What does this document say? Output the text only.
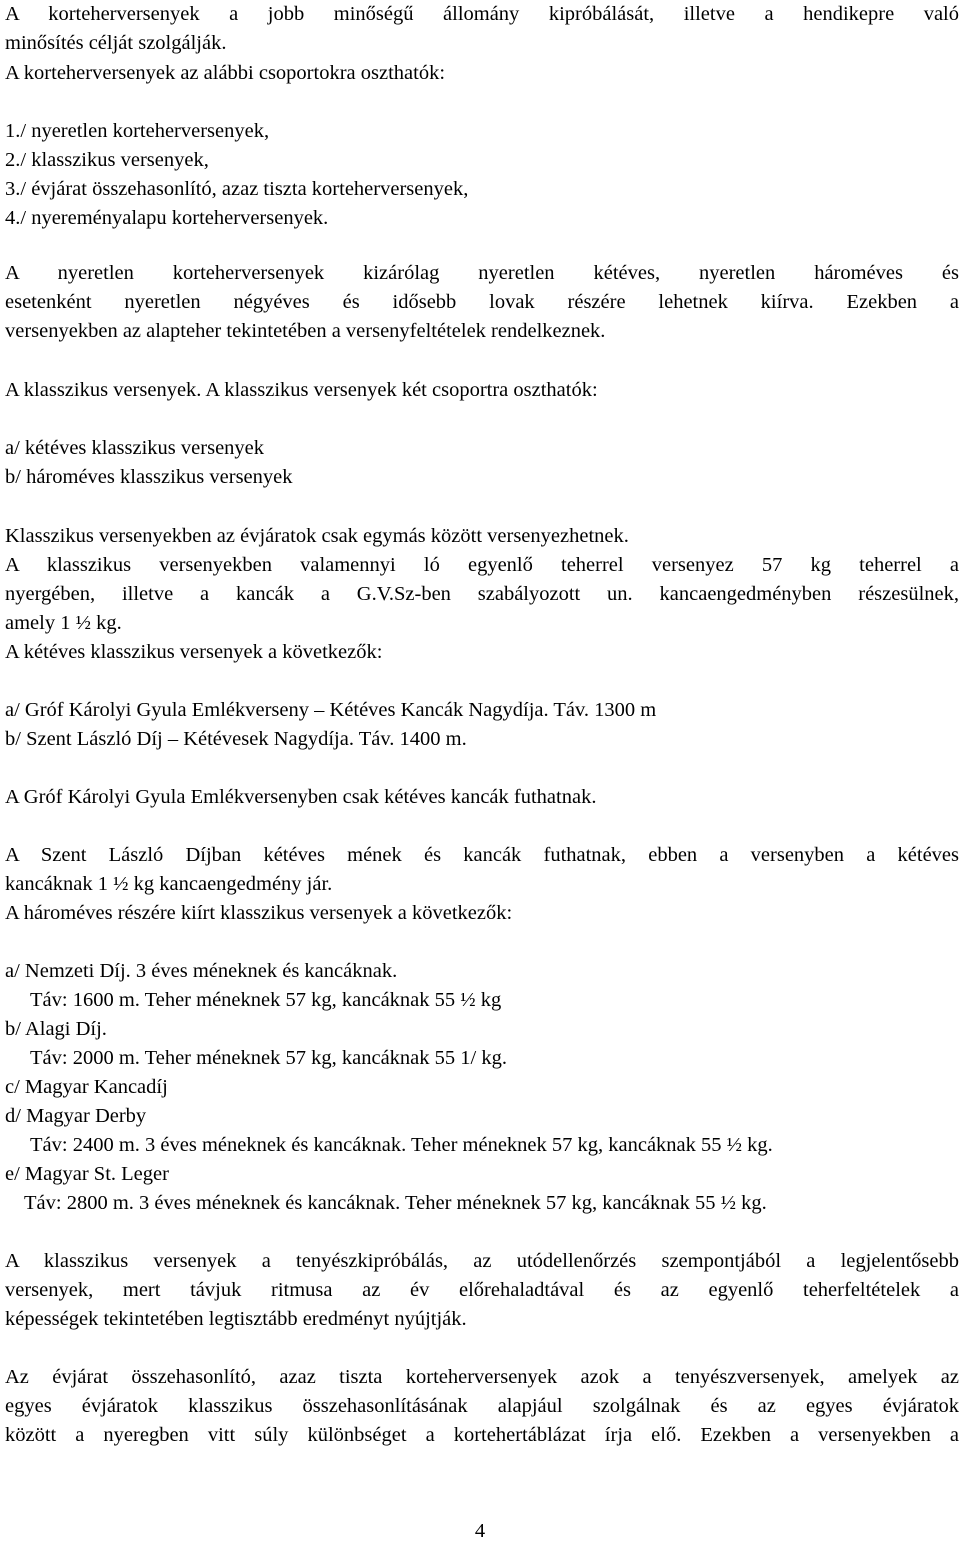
A korteherversenyek a jobb minőségű állomány kipróbálását, illetve a hendikepre való
minősítés célját szolgálják.
A korteherversenyek az alábbi csoportokra oszthatók:
1./ nyeretlen korteherversenyek,
2./ klasszikus versenyek,
3./ évjárat összehasonlító, azaz tiszta korteherversenyek,
4./ nyereményalapu korteherversenyek.
A nyeretlen korteherversenyek kizárólag nyeretlen kétéves, nyeretlen hároméves és
esetenként nyeretlen négyéves és idősebb lovak részére lehetnek kiírva. Ezekben a
versenyekben az alapteher tekintetében a versenyfeltételek rendelkeznek.
A klasszikus versenyek. A klasszikus versenyek két csoportra oszthatók:
a/ kétéves klasszikus versenyek
b/ hároméves klasszikus versenyek
Klasszikus versenyekben az évjáratok csak egymás között versenyezhetnek.
A klasszikus versenyekben valamennyi ló egyenlő teherrel versenyez 57 kg teherrel a
nyergében, illetve a kancák a G.V.Sz-ben szabályozott un. kancaengedményben részesülnek,
amely 1 ½ kg.
A kétéves klasszikus versenyek a következők:
a/ Gróf Károlyi Gyula Emlékverseny – Kétéves Kancák Nagydíja. Táv. 1300 m
b/ Szent László Díj – Kétévesek Nagydíja. Táv. 1400 m.
A Gróf Károlyi Gyula Emlékversenyben csak kétéves kancák futhatnak.
A Szent László Díjban kétéves mének és kancák futhatnak, ebben a versenyben a kétéves
kancáknak 1 ½ kg kancaengedmény jár.
A hároméves részére kiírt klasszikus versenyek a következők:
a/ Nemzeti Díj. 3 éves méneknek és kancáknak.
Táv: 1600 m. Teher méneknek 57 kg, kancáknak 55 ½ kg
b/ Alagi Díj.
Táv: 2000 m. Teher méneknek 57 kg, kancáknak 55 1/ kg.
c/ Magyar Kancadíj
d/ Magyar Derby
Táv: 2400 m. 3 éves méneknek és kancáknak. Teher méneknek 57 kg, kancáknak 55 ½ kg.
e/ Magyar St. Leger
Táv: 2800 m. 3 éves méneknek és kancáknak. Teher méneknek 57 kg, kancáknak 55 ½ kg.
A klasszikus versenyek a tenyészkipróbálás, az utódellenőrzés szempontjából a legjelentősebb
versenyek, mert távjuk ritmusa az év előrehaladtával és az egyenlő teherfeltételek a
képességek tekintetében legtisztább eredményt nyújtják.
Az évjárat összehasonlító, azaz tiszta korteherversenyek azok a tenyészversenyek, amelyek az
egyes évjáratok klasszikus összehasonlításának alapjául szolgálnak és az egyes évjáratok
között a nyeregben vitt súly különbséget a kortehertáblázat írja elő. Ezekben a versenyekben a
4
